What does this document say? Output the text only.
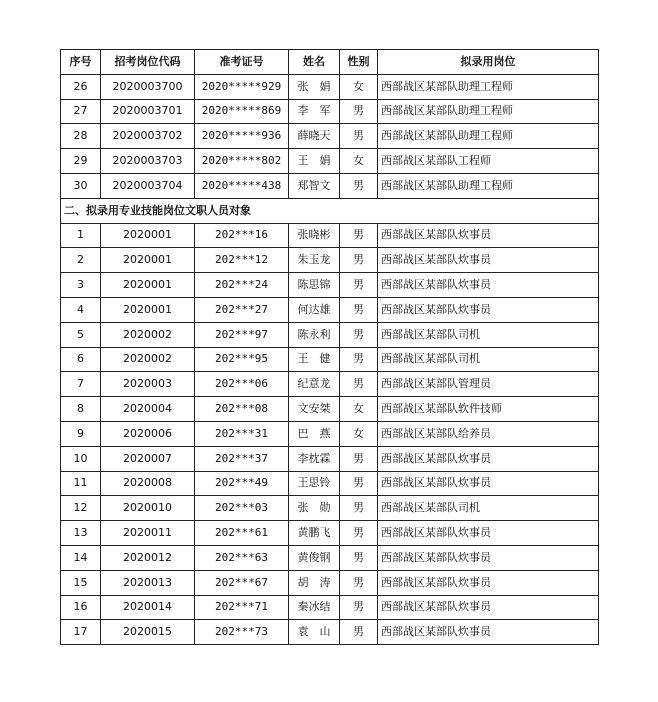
序号	招考岗位代码	准考证号	姓名	性别	拟录用岗位
26	2020003700	2020*****929	张　娟	女	西部战区某部队助理工程师
27	2020003701	2020*****869	李　军	男	西部战区某部队助理工程师
28	2020003702	2020*****936	薛晓天	男	西部战区某部队助理工程师
29	2020003703	2020*****802	王　娟	女	西部战区某部队工程师
30	2020003704	2020*****438	郑智文	男	西部战区某部队助理工程师
二、拟录用专业技能岗位文职人员对象					
1	2020001	202***16	张晓彬	男	西部战区某部队炊事员
2	2020001	202***12	朱玉龙	男	西部战区某部队炊事员
3	2020001	202***24	陈思锦	男	西部战区某部队炊事员
4	2020001	202***27	何达雄	男	西部战区某部队炊事员
5	2020002	202***97	陈永利	男	西部战区某部队司机
6	2020002	202***95	王　健	男	西部战区某部队司机
7	2020003	202***06	纪意龙	男	西部战区某部队管理员
8	2020004	202***08	文安桀	女	西部战区某部队软件技师
9	2020006	202***31	巴　燕	女	西部战区某部队给养员
10	2020007	202***37	李枕霖	男	西部战区某部队炊事员
11	2020008	202***49	王思铃	男	西部战区某部队炊事员
12	2020010	202***03	张　勋	男	西部战区某部队司机
13	2020011	202***61	黄鹏飞	男	西部战区某部队炊事员
14	2020012	202***63	黄俊钢	男	西部战区某部队炊事员
15	2020013	202***67	胡　涛	男	西部战区某部队炊事员
16	2020014	202***71	秦冰结	男	西部战区某部队炊事员
17	2020015	202***73	袁　山	男	西部战区某部队炊事员
